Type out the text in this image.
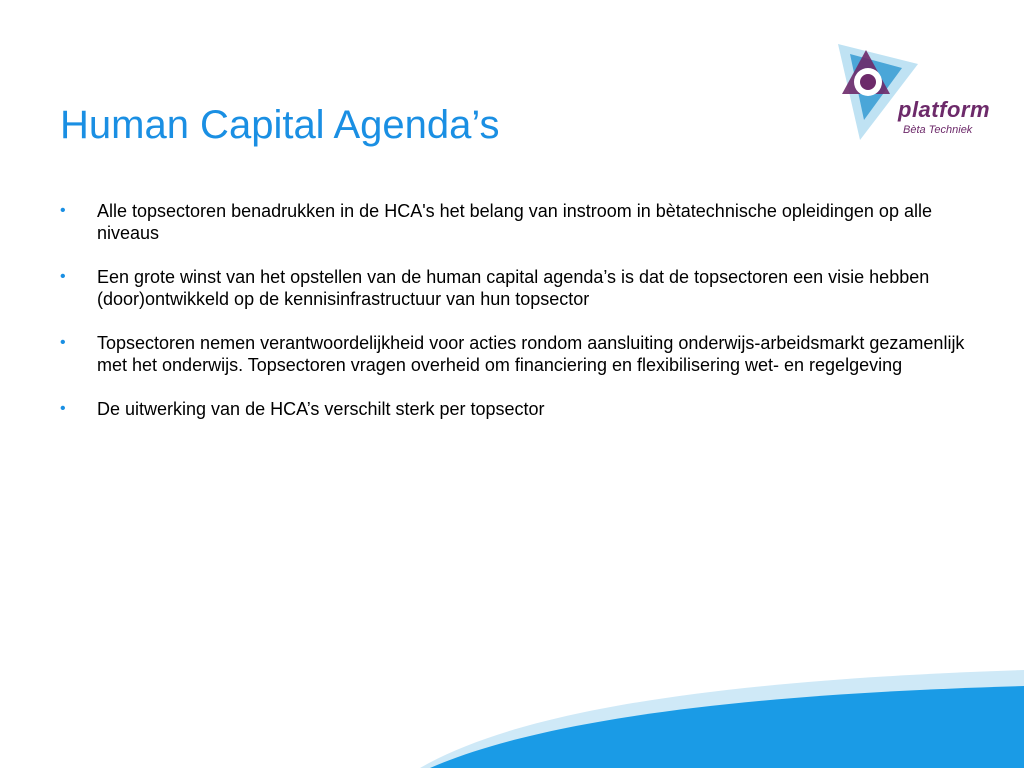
Human Capital Agenda’s	platform
Bèta Techniek
• Alle topsectoren benadrukken in de HCA's het belang van instroom in bètatechnische opleidingen op alle niveaus
• Een grote winst van het opstellen van de human capital agenda’s is dat de topsectoren een visie hebben (door)ontwikkeld op de kennisinfrastructuur van hun topsector
• Topsectoren nemen verantwoordelijkheid voor acties rondom aansluiting onderwijs-arbeidsmarkt gezamenlijk met het onderwijs. Topsectoren vragen overheid om financiering en flexibilisering wet- en regelgeving
• De uitwerking van de HCA’s verschilt sterk per topsector
